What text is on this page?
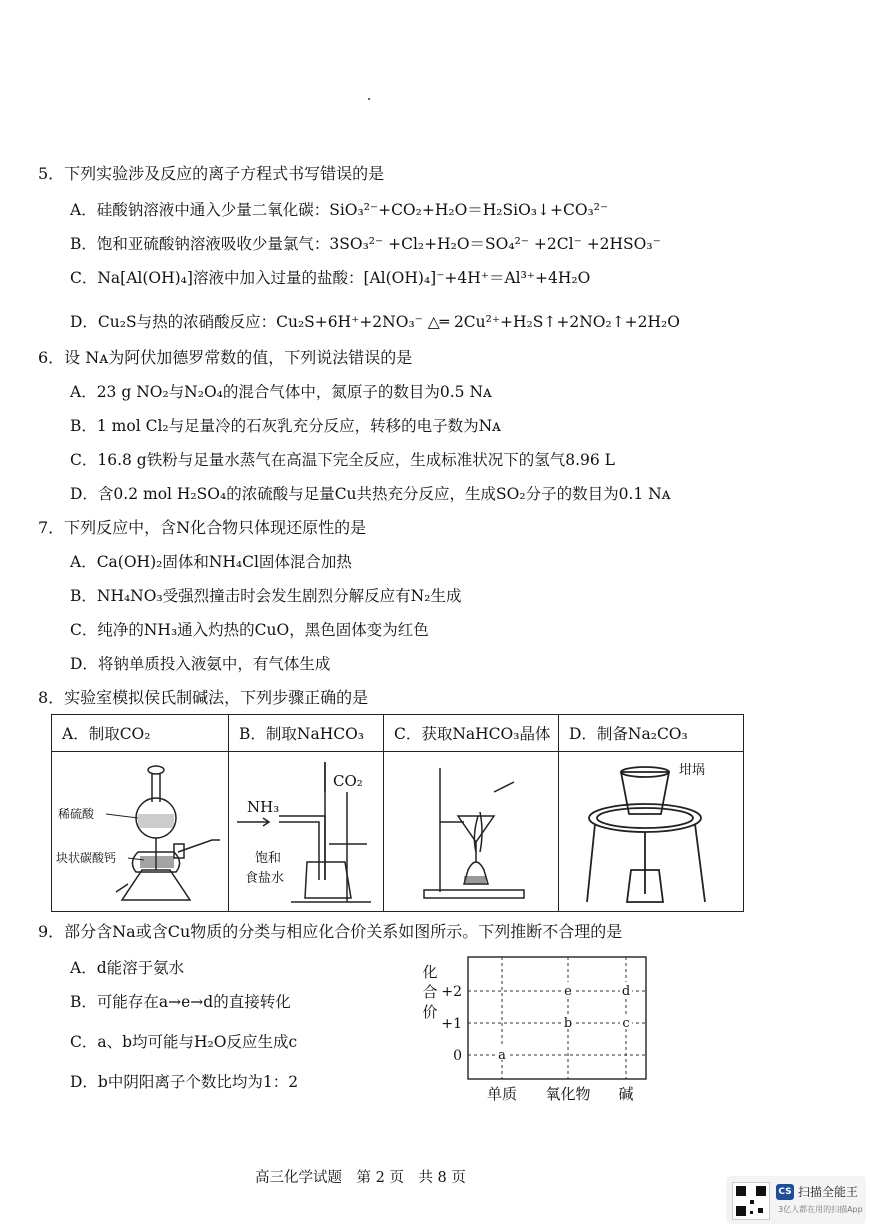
5．下列实验涉及反应的离子方程式书写错误的是
A．硅酸钠溶液中通入少量二氧化碳：SiO₃²⁻+CO₂+H₂O＝H₂SiO₃↓+CO₃²⁻
B．饱和亚硫酸钠溶液吸收少量氯气：3SO₃²⁻ +Cl₂+H₂O＝SO₄²⁻ +2Cl⁻ +2HSO₃⁻
C．Na[Al(OH)₄]溶液中加入过量的盐酸：[Al(OH)₄]⁻+4H⁺＝Al³⁺+4H₂O
D．Cu₂S与热的浓硝酸反应：Cu₂S+6H⁺+2NO₃⁻ △═ 2Cu²⁺+H₂S↑+2NO₂↑+2H₂O
6．设 Nᴀ为阿伏加德罗常数的值，下列说法错误的是
A．23 g NO₂与N₂O₄的混合气体中，氮原子的数目为0.5 Nᴀ
B．1 mol Cl₂与足量冷的石灰乳充分反应，转移的电子数为Nᴀ
C．16.8 g铁粉与足量水蒸气在高温下完全反应，生成标准状况下的氢气8.96 L
D．含0.2 mol H₂SO₄的浓硫酸与足量Cu共热充分反应，生成SO₂分子的数目为0.1 Nᴀ
7．下列反应中，含N化合物只体现还原性的是
A．Ca(OH)₂固体和NH₄Cl固体混合加热
B．NH₄NO₃受强烈撞击时会发生剧烈分解反应有N₂生成
C．纯净的NH₃通入灼热的CuO，黑色固体变为红色
D．将钠单质投入液氨中，有气体生成
8．实验室模拟侯氏制碱法，下列步骤正确的是
A．制取CO₂	B．制取NaHCO₃	C．获取NaHCO₃晶体	D．制备Na₂CO₃

稀硫酸
块状碳酸钙	NH₃
CO₂
饱和
食盐水		坩埚
9．部分含Na或含Cu物质的分类与相应化合价关系如图所示。下列推断不合理的是
A．d能溶于氨水
B．可能存在a→e→d的直接转化
C．a、b均可能与H₂O反应生成c
D．b中阴阳离子个数比均为1：2
+2
+1
0
化
合
价
单质 氧化物 碱
a
e
b
d
c
高三化学试题　第 2 页　共 8 页
CS 扫描全能王
3亿人都在用的扫描App
